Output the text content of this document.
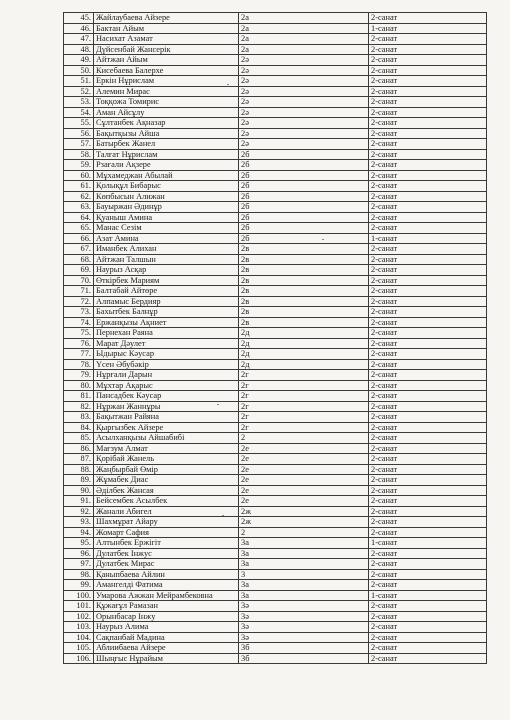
45.	Жайлаубаева Айзере	2а	2-санат
46.	Бактан Айым	2а	1-санат
47.	Насихат Азамат	2а	2-санат
48.	Дүйсенбай Жансерік	2а	2-санат
49.	Айтжан Айым	2ә	2-санат
50.	Кисебаева Балерхе	2ә	2-санат
51.	Еркін Нұрислам	2ә	2-санат
52.	Алемин Мирас	2ә	2-санат
53.	Тоққожа Томирис	2ә	2-санат
54.	Аман Айсұлу	2ә	2-санат
55.	Сұлтанбек Ақназар	2ә	2-санат
56.	Бақытқызы Айша	2ә	2-санат
57.	Батырбек Жанел	2ә	2-санат
58.	Талғат Нұрислам	2б	2-санат
59.	Рзағали Ақзере	2б	2-санат
60.	Мұхамеджан Абылай	2б	2-санат
61.	Қолықұл Бибарыс	2б	2-санат
62.	Көпбысын Алижан	2б	2-санат
63.	Бауыржан Әдинұр	2б	2-санат
64.	Қуаныш Амина	2б	2-санат
65.	Манас Сезім	2б	2-санат
66.	Азат Амина	2б	1-санат
67.	Иманбек Алихан	2в	2-санат
68.	Айтжан Талшын	2в	2-санат
69.	Наурыз Асқар	2в	2-санат
70.	Өткірбек Мариям	2в	2-санат
71.	Балтабай Айтөре	2в	2-санат
72.	Алпамыс Бердияр	2в	2-санат
73.	Бахытбек Балнұр	2в	2-санат
74.	Ержанқызы Ақниет	2в	2-санат
75.	Пернехан Раяна	2д	2-санат
76.	Марат Дәулет	2д	2-санат
77.	Ыдырыс Кәусар	2д	2-санат
78.	Үсен Әбубәкір	2д	2-санат
79.	Нұрғали Дарын	2г	2-санат
80.	Мұхтар Ақарыс	2г	2-санат
81.	Пансадбек Кәусар	2г	2-санат
82.	Нұржан Жаннұры	2г	2-санат
83.	Бақытжан Райяна	2г	2-санат
84.	Қыргызбек Айзере	2г	2-санат
85.	Асылханқызы Айшабибі	2	2-санат
86.	Мағзум Алмат	2е	2-санат
87.	Қорібай Жанель	2е	2-санат
88.	Жаңбырбай Өмір	2е	2-санат
89.	Жұмабек Диас	2е	2-санат
90.	Әділбек Жансая	2е	2-санат
91.	Бейсембек Асылбек	2е	2-санат
92.	Жанали Абигел	2ж	2-санат
93.	Шахмұрат Айару	2ж	2-санат
94.	Жомарт Сафия	2	2-санат
95.	Алтынбек Ержігіт	3а	1-санат
96.	Дулатбек Інжус	3а	2-санат
97.	Дулатбек Мирас	3а	2-санат
98.	Қаныпбаева Айлин	3	2-санат
99.	Амангелді Фатима	3а	2-санат
100.	Умарова Ажжан Мейрамбековна	3а	1-санат
101.	Құжағұл Рамазан	3ә	2-санат
102.	Орынбасар Інжу	3ә	2-санат
103.	Наурыз Алима	3ә	2-санат
104.	Сақпанбай Мадина	3ә	2-санат
105.	Аблиибаева Айзере	3б	2-санат
106.	Шыңғыс Нұрайым	3б	2-санат
